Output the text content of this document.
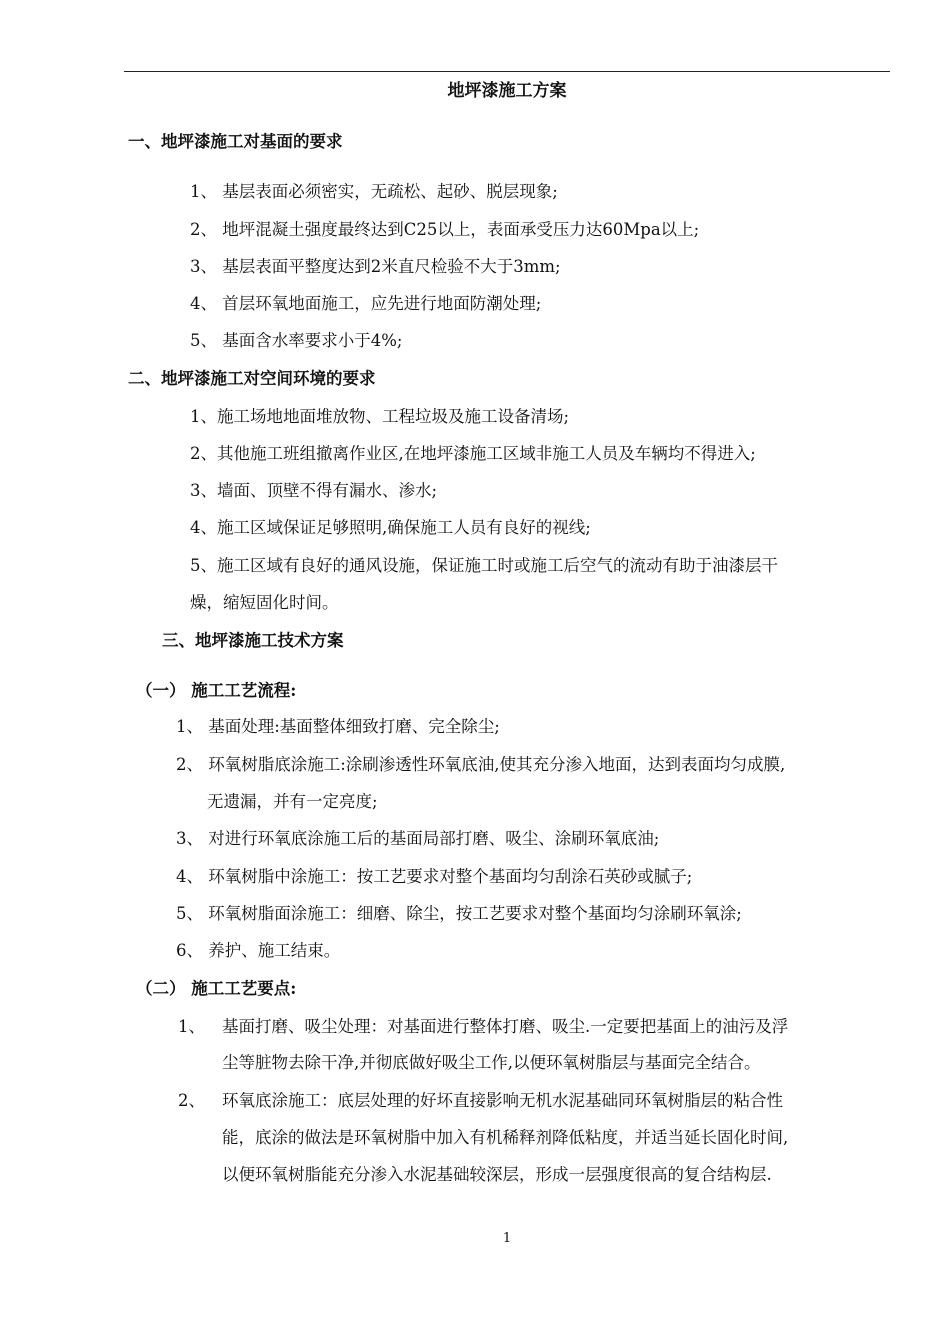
地坪漆施工方案
一、地坪漆施工对基面的要求
1、 基层表面必须密实，无疏松、起砂、脱层现象;
2、 地坪混凝土强度最终达到C25以上，表面承受压力达60Mpa以上;
3、 基层表面平整度达到2米直尺检验不大于3mm;
4、 首层环氧地面施工，应先进行地面防潮处理;
5、 基面含水率要求小于4%;
二、地坪漆施工对空间环境的要求
1、施工场地地面堆放物、工程垃圾及施工设备清场;
2、其他施工班组撤离作业区,在地坪漆施工区域非施工人员及车辆均不得进入;
3、墙面、顶壁不得有漏水、渗水;
4、施工区域保证足够照明,确保施工人员有良好的视线;
5、施工区域有良好的通风设施，保证施工时或施工后空气的流动有助于油漆层干
燥，缩短固化时间。
三、地坪漆施工技术方案
（一） 施工工艺流程:
1、 基面处理:基面整体细致打磨、完全除尘;
2、 环氧树脂底涂施工:涂刷渗透性环氧底油,使其充分渗入地面，达到表面均匀成膜,
无遗漏，并有一定亮度;
3、 对进行环氧底涂施工后的基面局部打磨、吸尘、涂刷环氧底油;
4、 环氧树脂中涂施工：按工艺要求对整个基面均匀刮涂石英砂或腻子;
5、 环氧树脂面涂施工：细磨、除尘，按工艺要求对整个基面均匀涂刷环氧涂;
6、 养护、施工结束。
（二） 施工工艺要点:
1、 基面打磨、吸尘处理：对基面进行整体打磨、吸尘.一定要把基面上的油污及浮
尘等脏物去除干净,并彻底做好吸尘工作,以便环氧树脂层与基面完全结合。
2、 环氧底涂施工：底层处理的好坏直接影响无机水泥基础同环氧树脂层的粘合性
能，底涂的做法是环氧树脂中加入有机稀释剂降低粘度，并适当延长固化时间,
以便环氧树脂能充分渗入水泥基础较深层，形成一层强度很高的复合结构层.
1
